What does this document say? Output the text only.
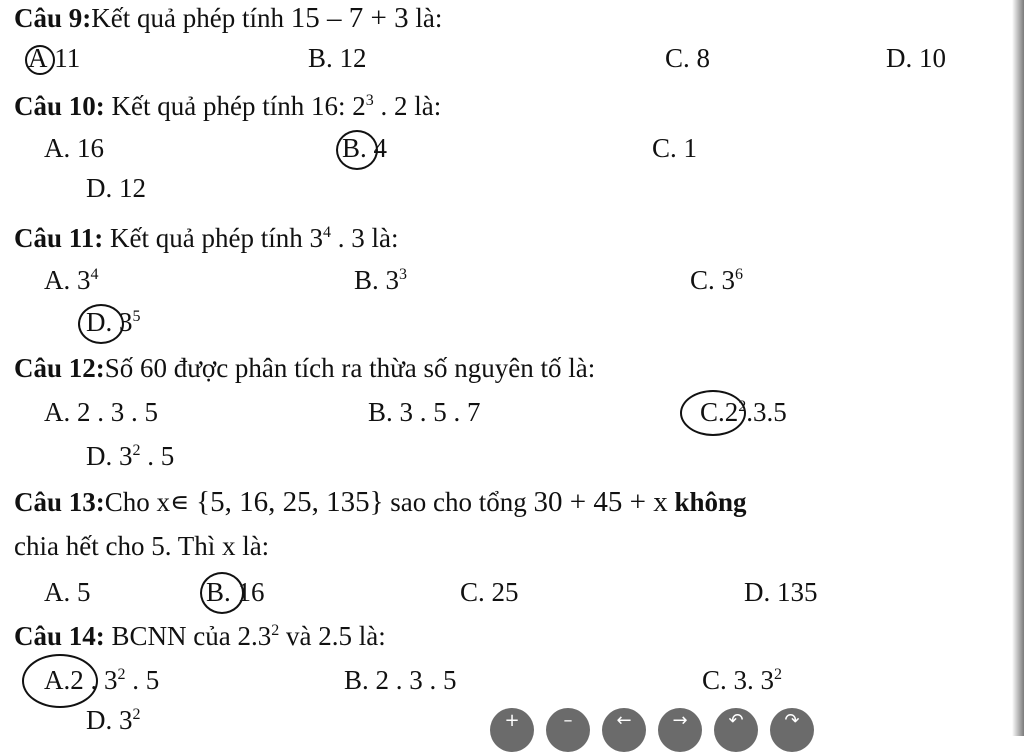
Câu 9:Kết quả phép tính 15 – 7 + 3 là:
A 11	B. 12	C. 8	D. 10
Câu 10: Kết quả phép tính 16: $2^3$ . 2 là:
A. 16	B. 4	C. 1
D. 12
Câu 11: Kết quả phép tính $3^4$ . 3 là:
A. $3^4$	B. $3^3$	C. $3^6$
D. $3^5$
Câu 12:Số 60 được phân tích ra thừa số nguyên tố là:
A. 2 . 3 . 5	B. 3 . 5 . 7	$C.2^2.3.5$
D. $3^2$ . 5
Câu 13:Cho x∊ {5, 16, 25, 135} sao cho tổng 30 + 45 + x không
chia hết cho 5. Thì x là:
A. 5	B. 16	C. 25	D. 135
Câu 14: BCNN của $2.3^2$ và 2.5 là:
A.2 . $3^2$ . 5	B. 2 . 3 . 5	C. 3. $3^2$
D. $3^2$	+	–	←	→	↶	↷
